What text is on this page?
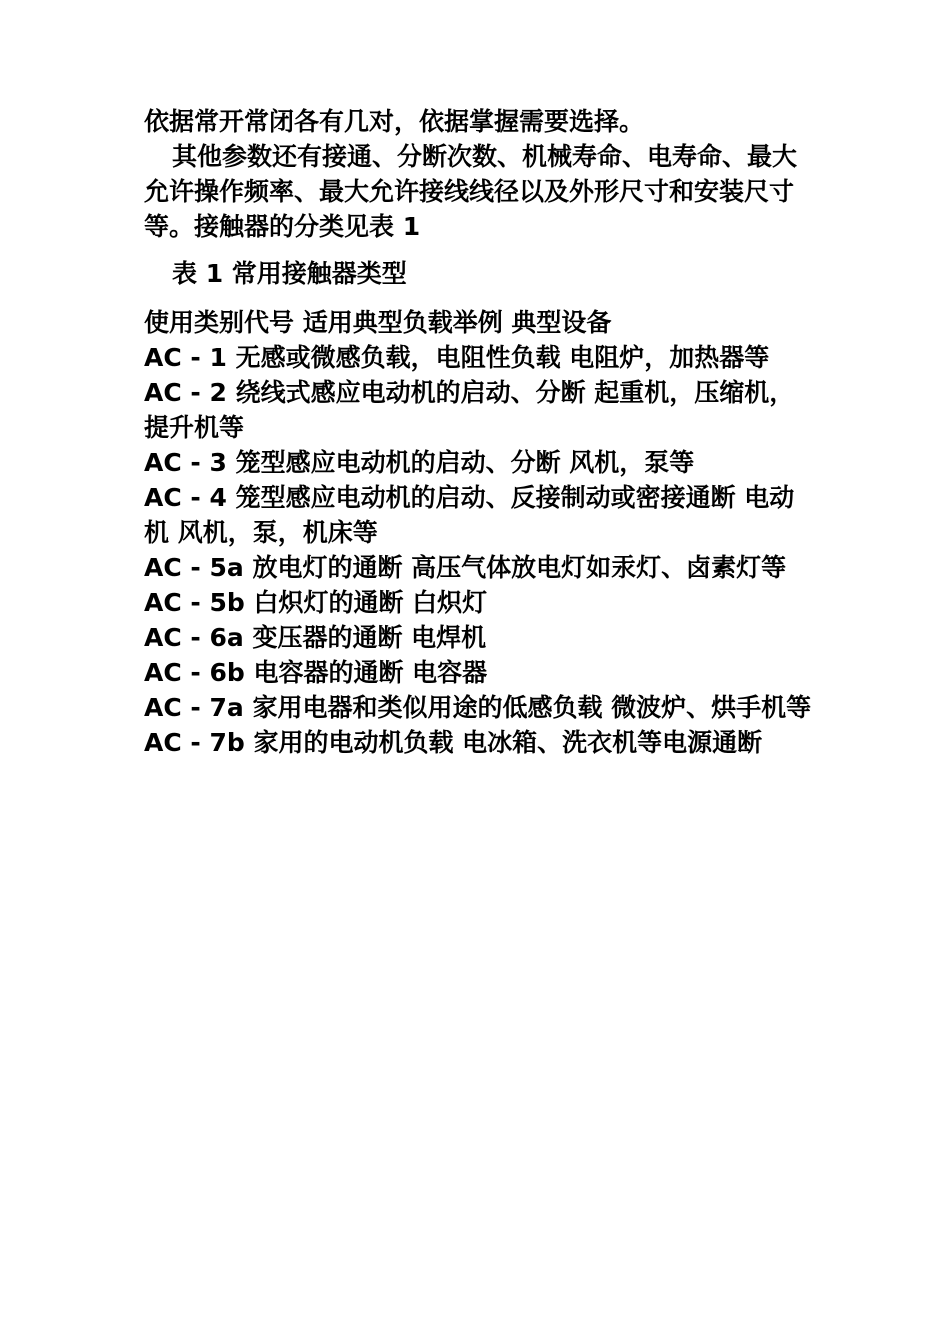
依据常开常闭各有几对，依据掌握需要选择。

其他参数还有接通、分断次数、机械寿命、电寿命、最大允许操作频率、最大允许接线线径以及外形尺寸和安装尺寸等。接触器的分类见表 1

表 1 常用接触器类型

使用类别代号 适用典型负载举例 典型设备

AC - 1 无感或微感负载，电阻性负载 电阻炉，加热器等

AC - 2 绕线式感应电动机的启动、分断 起重机，压缩机，提升机等

AC - 3 笼型感应电动机的启动、分断 风机，泵等

AC - 4 笼型感应电动机的启动、反接制动或密接通断 电动机 风机，泵，机床等

AC - 5a 放电灯的通断 高压气体放电灯如汞灯、卤素灯等

AC - 5b 白炽灯的通断 白炽灯

AC - 6a 变压器的通断 电焊机

AC - 6b 电容器的通断 电容器

AC - 7a 家用电器和类似用途的低感负载 微波炉、烘手机等

AC - 7b 家用的电动机负载 电冰箱、洗衣机等电源通断
